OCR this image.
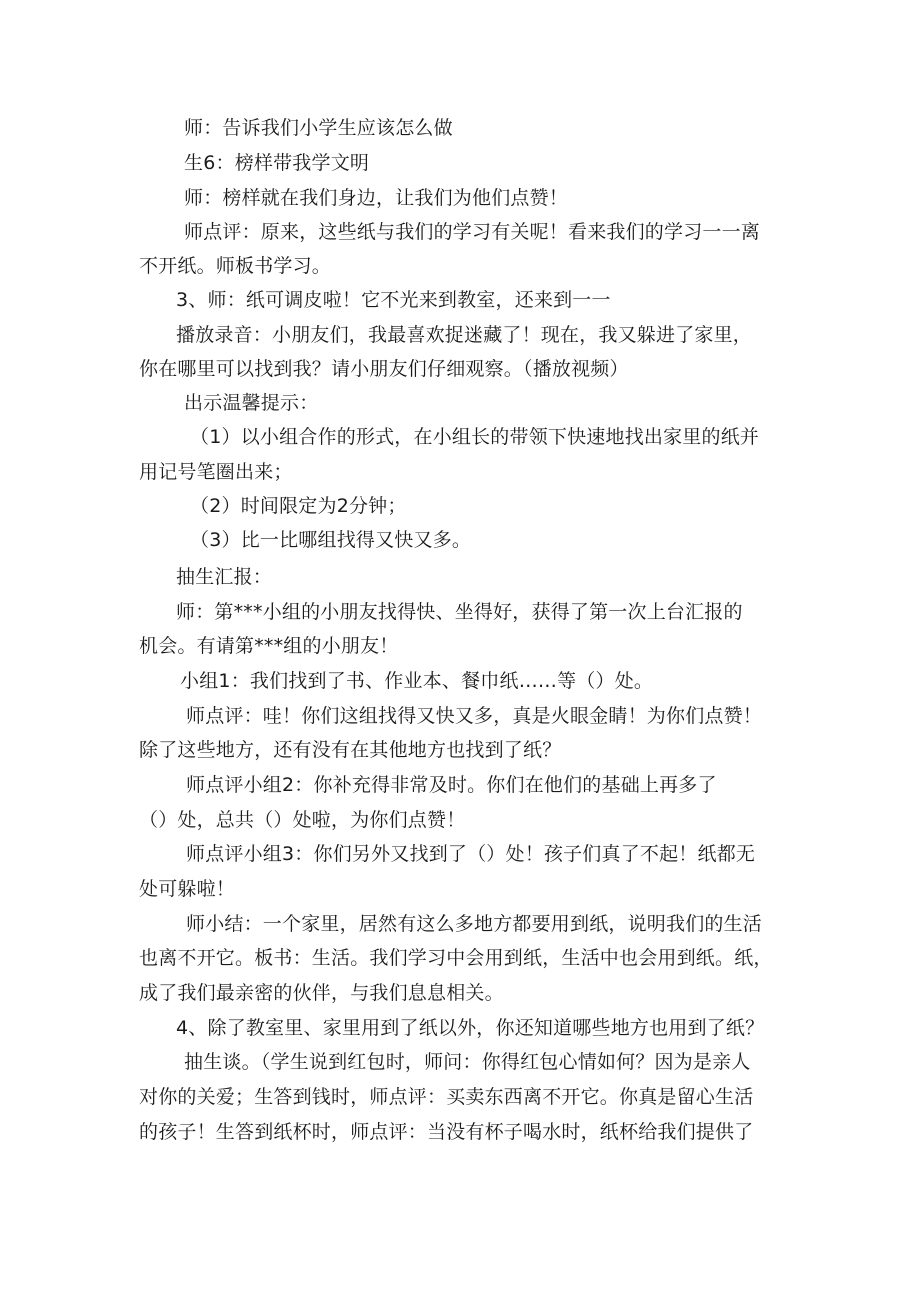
师：告诉我们小学生应该怎么做
生6：榜样带我学文明
师：榜样就在我们身边，让我们为他们点赞！
师点评：原来，这些纸与我们的学习有关呢！看来我们的学习一一离
不开纸。师板书学习。
3、师：纸可调皮啦！它不光来到教室，还来到一一
播放录音：小朋友们，我最喜欢捉迷藏了！现在，我又躲进了家里，
你在哪里可以找到我？请小朋友们仔细观察。（播放视频）
出示温馨提示：
（1）以小组合作的形式，在小组长的带领下快速地找出家里的纸并
用记号笔圈出来；
（2）时间限定为2分钟；
（3）比一比哪组找得又快又多。
抽生汇报：
师：第***小组的小朋友找得快、坐得好，获得了第一次上台汇报的
机会。有请第***组的小朋友！
小组1：我们找到了书、作业本、餐巾纸……等（）处。
师点评：哇！你们这组找得又快又多，真是火眼金睛！为你们点赞！
除了这些地方，还有没有在其他地方也找到了纸？
师点评小组2：你补充得非常及时。你们在他们的基础上再多了
（）处，总共（）处啦，为你们点赞！
师点评小组3：你们另外又找到了（）处！孩子们真了不起！纸都无
处可躲啦！
师小结：一个家里，居然有这么多地方都要用到纸，说明我们的生活
也离不开它。板书：生活。我们学习中会用到纸，生活中也会用到纸。纸，
成了我们最亲密的伙伴，与我们息息相关。
4、除了教室里、家里用到了纸以外，你还知道哪些地方也用到了纸？
抽生谈。（学生说到红包时，师问：你得红包心情如何？因为是亲人
对你的关爱；生答到钱时，师点评：买卖东西离不开它。你真是留心生活
的孩子！生答到纸杯时，师点评：当没有杯子喝水时，纸杯给我们提供了
